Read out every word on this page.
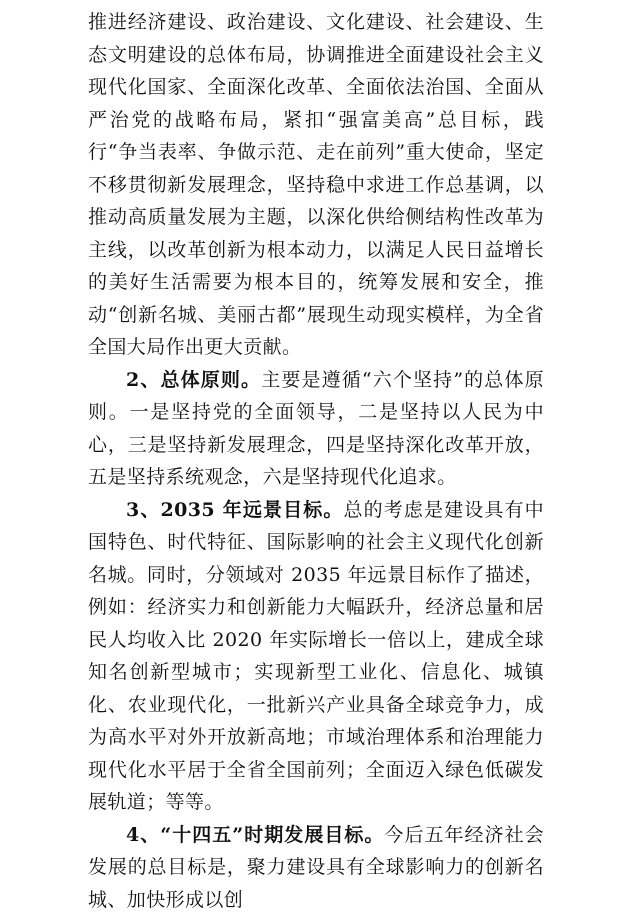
推进经济建设、政治建设、文化建设、社会建设、生态文明建设的总体布局，协调推进全面建设社会主义现代化国家、全面深化改革、全面依法治国、全面从严治党的战略布局，紧扣“强富美高”总目标，践行“争当表率、争做示范、走在前列”重大使命，坚定不移贯彻新发展理念，坚持稳中求进工作总基调，以推动高质量发展为主题，以深化供给侧结构性改革为主线，以改革创新为根本动力，以满足人民日益增长的美好生活需要为根本目的，统筹发展和安全，推动“创新名城、美丽古都”展现生动现实模样，为全省全国大局作出更大贡献。

2、总体原则。主要是遵循“六个坚持”的总体原则。一是坚持党的全面领导，二是坚持以人民为中心，三是坚持新发展理念，四是坚持深化改革开放，五是坚持系统观念，六是坚持现代化追求。

3、2035 年远景目标。总的考虑是建设具有中国特色、时代特征、国际影响的社会主义现代化创新名城。同时，分领域对 2035 年远景目标作了描述，例如：经济实力和创新能力大幅跃升，经济总量和居民人均收入比 2020 年实际增长一倍以上，建成全球知名创新型城市；实现新型工业化、信息化、城镇化、农业现代化，一批新兴产业具备全球竞争力，成为高水平对外开放新高地；市域治理体系和治理能力现代化水平居于全省全国前列；全面迈入绿色低碳发展轨道；等等。

4、“十四五”时期发展目标。今后五年经济社会发展的总目标是，聚力建设具有全球影响力的创新名城、加快形成以创
